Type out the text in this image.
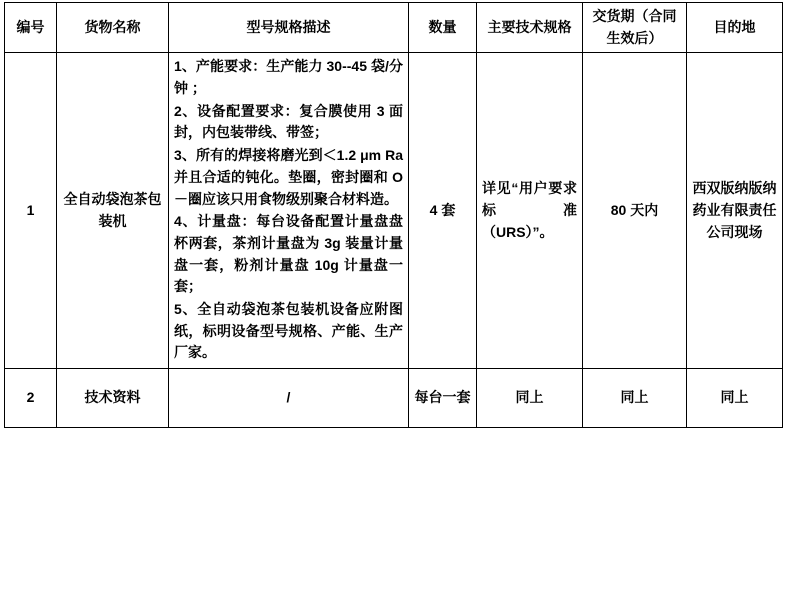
编号	货物名称	型号规格描述	数量	主要技术规格	交货期（合同生效后）	目的地
1	全自动袋泡茶包装机	1、产能要求：生产能力 30--45 袋/分钟 ；

2、设备配置要求：复合膜使用 3 面封，内包装带线、带签；

3、所有的焊接将磨光到＜1.2 μm Ra 并且合适的钝化。垫圈，密封圈和 O－圈应该只用食物级别聚合材料造。

4、计量盘：每台设备配置计量盘盘杯两套，茶剂计量盘为 3g 装量计量盘一套，粉剂计量盘 10g 计量盘一套；

5、全自动袋泡茶包装机设备应附图纸，标明设备型号规格、产能、生产厂家。	4 套	详见“用户要求标准（URS）”。	80 天内	西双版纳版纳药业有限责任公司现场
2	技术资料	/	每台一套	同上	同上	同上
